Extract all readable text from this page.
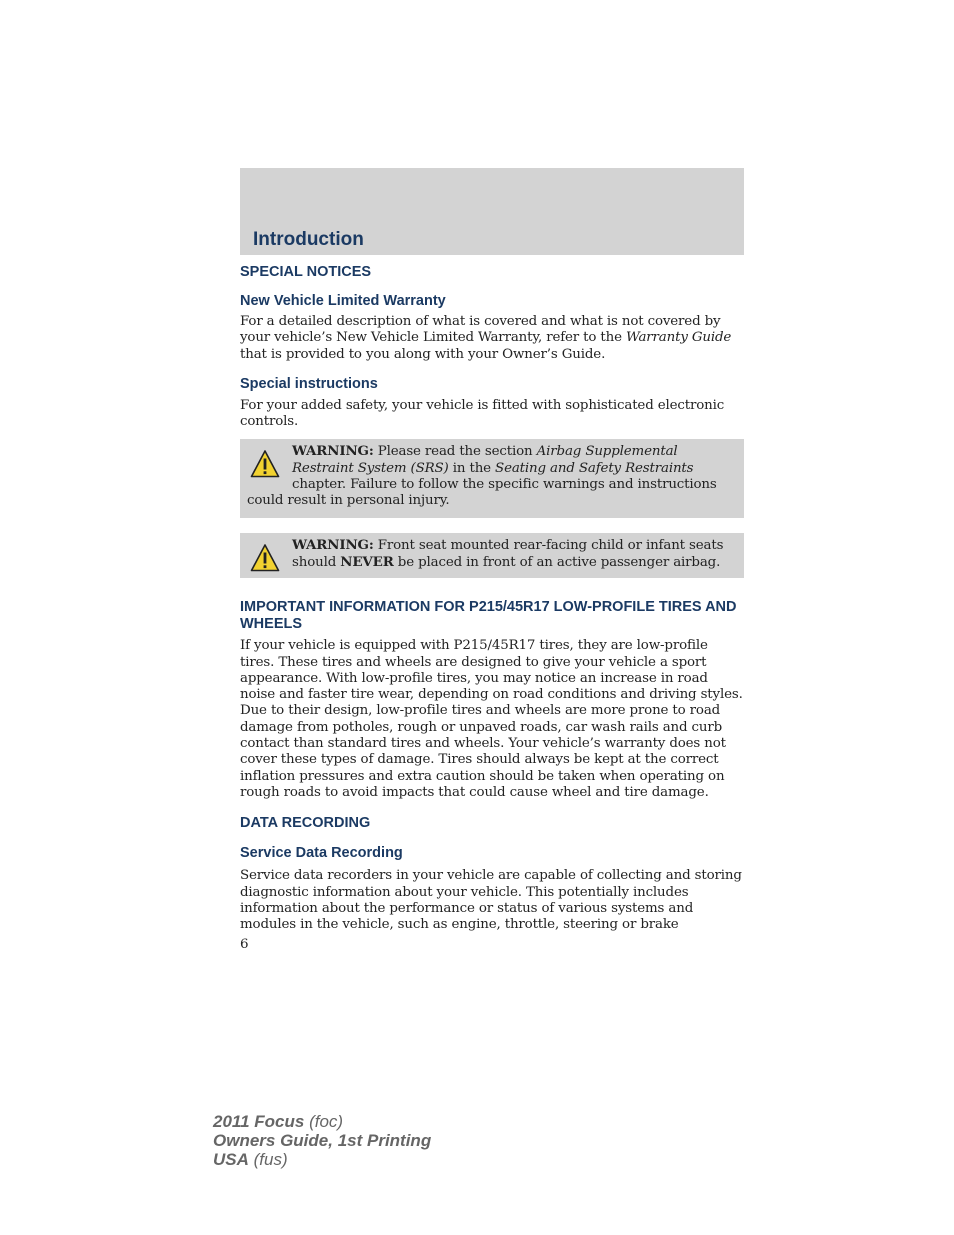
Introduction
SPECIAL NOTICES
New Vehicle Limited Warranty
For a detailed description of what is covered and what is not covered by your vehicle’s New Vehicle Limited Warranty, refer to the Warranty Guide that is provided to you along with your Owner’s Guide.
Special instructions
For your added safety, your vehicle is fitted with sophisticated electronic controls.
WARNING: Please read the section Airbag Supplemental Restraint System (SRS) in the Seating and Safety Restraints chapter. Failure to follow the specific warnings and instructions could result in personal injury.
WARNING: Front seat mounted rear-facing child or infant seats should NEVER be placed in front of an active passenger airbag.
IMPORTANT INFORMATION FOR P215/45R17 LOW-PROFILE TIRES AND WHEELS
If your vehicle is equipped with P215/45R17 tires, they are low-profile tires. These tires and wheels are designed to give your vehicle a sport appearance. With low-profile tires, you may notice an increase in road noise and faster tire wear, depending on road conditions and driving styles. Due to their design, low-profile tires and wheels are more prone to road damage from potholes, rough or unpaved roads, car wash rails and curb contact than standard tires and wheels. Your vehicle’s warranty does not cover these types of damage. Tires should always be kept at the correct inflation pressures and extra caution should be taken when operating on rough roads to avoid impacts that could cause wheel and tire damage.
DATA RECORDING
Service Data Recording
Service data recorders in your vehicle are capable of collecting and storing diagnostic information about your vehicle. This potentially includes information about the performance or status of various systems and modules in the vehicle, such as engine, throttle, steering or brake
6
2011 Focus (foc)
Owners Guide, 1st Printing
USA (fus)
